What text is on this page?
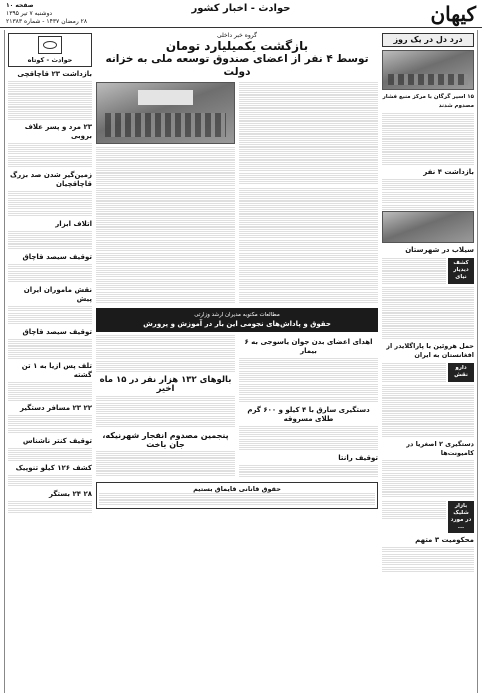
کیهان
حوادث - اخبار کشور
صفحه ۱۰
دوشنبه ۷ تیر ۱۳۹۵
۲۸ رمضان ۱۴۳۷ - شماره ۲۱۳۸۳
حوادث - کوتاه
بازداشت ۲۳ قاچاقچی
۲۳ مرد و پسر علاف بروبی
زمین‌گیر شدن صد بزرگ قاچاقچیان
اتلاف ابزار
توقیف سیصد قاچاق
نقش ماموران ایران پیش
توقیف سیصد قاچاق
تلف پس ازیا به ۱ تن گشته
۲۲ ۲۳ مسافر دستگیر
توقیف کنتر ناشناس
کشف ۱۲۶ کیلو تنوپیک
۲۸ ۲۴ بستگر
گروه خبر داخلی
بازگشت یکمیلیارد تومان
توسط ۴ نفر از اعضای صندوق توسعه ملی به خزانه دولت
مطالعات مکتوبه مدیران ارشد وزارتی
حقوق و پاداش‌های نجومی این بار در آموزش و پرورش
اهدای اعضای بدن جوان یاسوجی به ۶ بیمار
دستگیری سارق با ۴ کیلو و ۶۰۰ گرم طلای مسروقه
توقیف رانتا
بالوهای ۱۳۲ هزار نفر در ۱۵ ماه اخیر
پنجمین مصدوم انفجار شهرنیکه، جان باخت
حقوق قانانی قایماق بستیم
درد دل در یک روز
۱۵ اسیر گرگان با مرکز منبع فشار مصدوم شدند
بازداشت ۴ نفر
سیلاب در شهرستان
کشف دیدیار نیای
حمل هروئین با پاراگلایدر از افغانستان به ایران
دارو نقش
دستگیری ۲ اصغریا در کامیونت‌ها
بازار شلیک در مورد ...
محکومیت ۳ متهم
